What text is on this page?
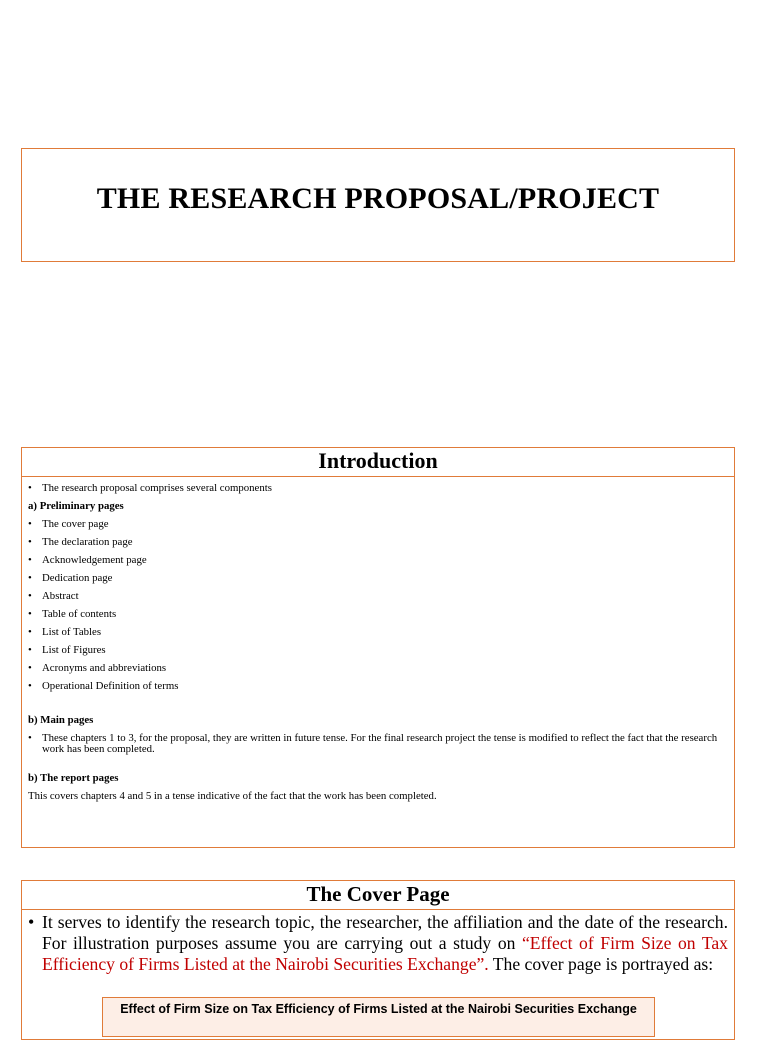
THE RESEARCH PROPOSAL/PROJECT
Introduction
• The research proposal comprises several components
a) Preliminary pages
• The cover page
• The declaration page
• Acknowledgement page
• Dedication page
• Abstract
• Table of contents
• List of Tables
• List of Figures
• Acronyms and abbreviations
• Operational Definition of terms
b) Main pages
• These chapters 1 to 3, for the proposal, they are written in future tense. For the final research project the tense is modified to reflect the fact that the research work has been completed.
b) The report pages
This covers chapters 4 and 5 in a tense indicative of the fact that the work has been completed.
The Cover Page
• It serves to identify the research topic, the researcher, the affiliation and the date of the research. For illustration purposes assume you are carrying out a study on “Effect of Firm Size on Tax Efficiency of Firms Listed at the Nairobi Securities Exchange”. The cover page is portrayed as:
Effect of Firm Size on Tax Efficiency of Firms Listed at the Nairobi Securities Exchange
